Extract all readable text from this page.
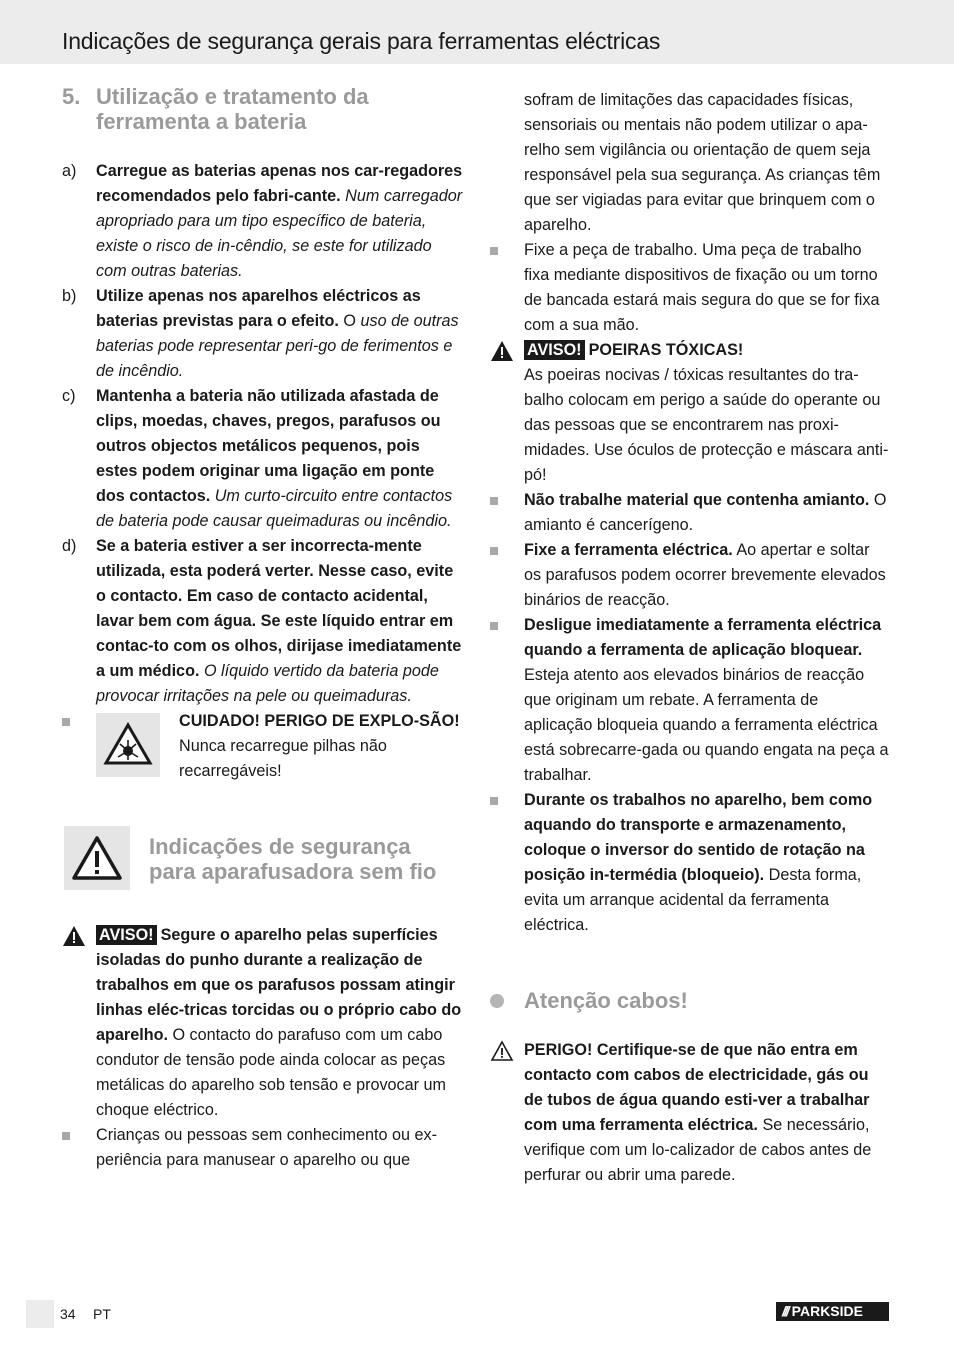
Indicações de segurança gerais para ferramentas eléctricas
5. Utilização e tratamento da ferramenta a bateria
a)	Carregue as baterias apenas nos car-regadores recomendados pelo fabri-cante. Num carregador apropriado para um tipo específico de bateria, existe o risco de in-cêndio, se este for utilizado com outras baterias.
b)	Utilize apenas nos aparelhos eléctricos as baterias previstas para o efeito. O uso de outras baterias pode representar peri-go de ferimentos e de incêndio.
c)	Mantenha a bateria não utilizada afastada de clips, moedas, chaves, pregos, parafusos ou outros objectos metálicos pequenos, pois estes podem originar uma ligação em ponte dos contactos. Um curto-circuito entre contactos de bateria pode causar queimaduras ou incêndio.
d)	Se a bateria estiver a ser incorrecta-mente utilizada, esta poderá verter. Nesse caso, evite o contacto. Em caso de contacto acidental, lavar bem com água. Se este líquido entrar em contac-to com os olhos, dirijase imediatamente a um médico. O líquido vertido da bateria pode provocar irritações na pele ou queimaduras.
CUIDADO! PERIGO DE EXPLO-SÃO! Nunca recarregue pilhas não recarregáveis!
Indicações de segurança para aparafusadora sem fio
AVISO! Segure o aparelho pelas superfícies isoladas do punho durante a realização de trabalhos em que os parafusos possam atingir linhas eléc-tricas torcidas ou o próprio cabo do aparelho. O contacto do parafuso com um cabo condutor de tensão pode ainda colocar as peças metálicas do aparelho sob tensão e provocar um choque eléctrico.
Crianças ou pessoas sem conhecimento ou ex-periência para manusear o aparelho ou que
sofram de limitações das capacidades físicas, sensoriais ou mentais não podem utilizar o apa-relho sem vigilância ou orientação de quem seja responsável pela sua segurança. As crianças têm que ser vigiadas para evitar que brinquem com o aparelho.
Fixe a peça de trabalho. Uma peça de trabalho fixa mediante dispositivos de fixação ou um torno de bancada estará mais segura do que se for fixa com a sua mão.
AVISO! POEIRAS TÓXICAS!
As poeiras nocivas / tóxicas resultantes do tra-balho colocam em perigo a saúde do operante ou das pessoas que se encontrarem nas proxi-midades. Use óculos de protecção e máscara anti-pó!
Não trabalhe material que contenha amianto. O amianto é cancerígeno.
Fixe a ferramenta eléctrica. Ao apertar e soltar os parafusos podem ocorrer brevemente elevados binários de reacção.
Desligue imediatamente a ferramenta eléctrica quando a ferramenta de aplicação bloquear. Esteja atento aos elevados binários de reacção que originam um rebate. A ferramenta de aplicação bloqueia quando a ferramenta eléctrica está sobrecarre-gada ou quando engata na peça a trabalhar.
Durante os trabalhos no aparelho, bem como aquando do transporte e armazenamento, coloque o inversor do sentido de rotação na posição in-termédia (bloqueio). Desta forma, evita um arranque acidental da ferramenta eléctrica.
Atenção cabos!
PERIGO! Certifique-se de que não entra em contacto com cabos de electricidade, gás ou de tubos de água quando esti-ver a trabalhar com uma ferramenta eléctrica. Se necessário, verifique com um lo-calizador de cabos antes de perfurar ou abrir uma parede.
34 PT	/// PARKSIDE
